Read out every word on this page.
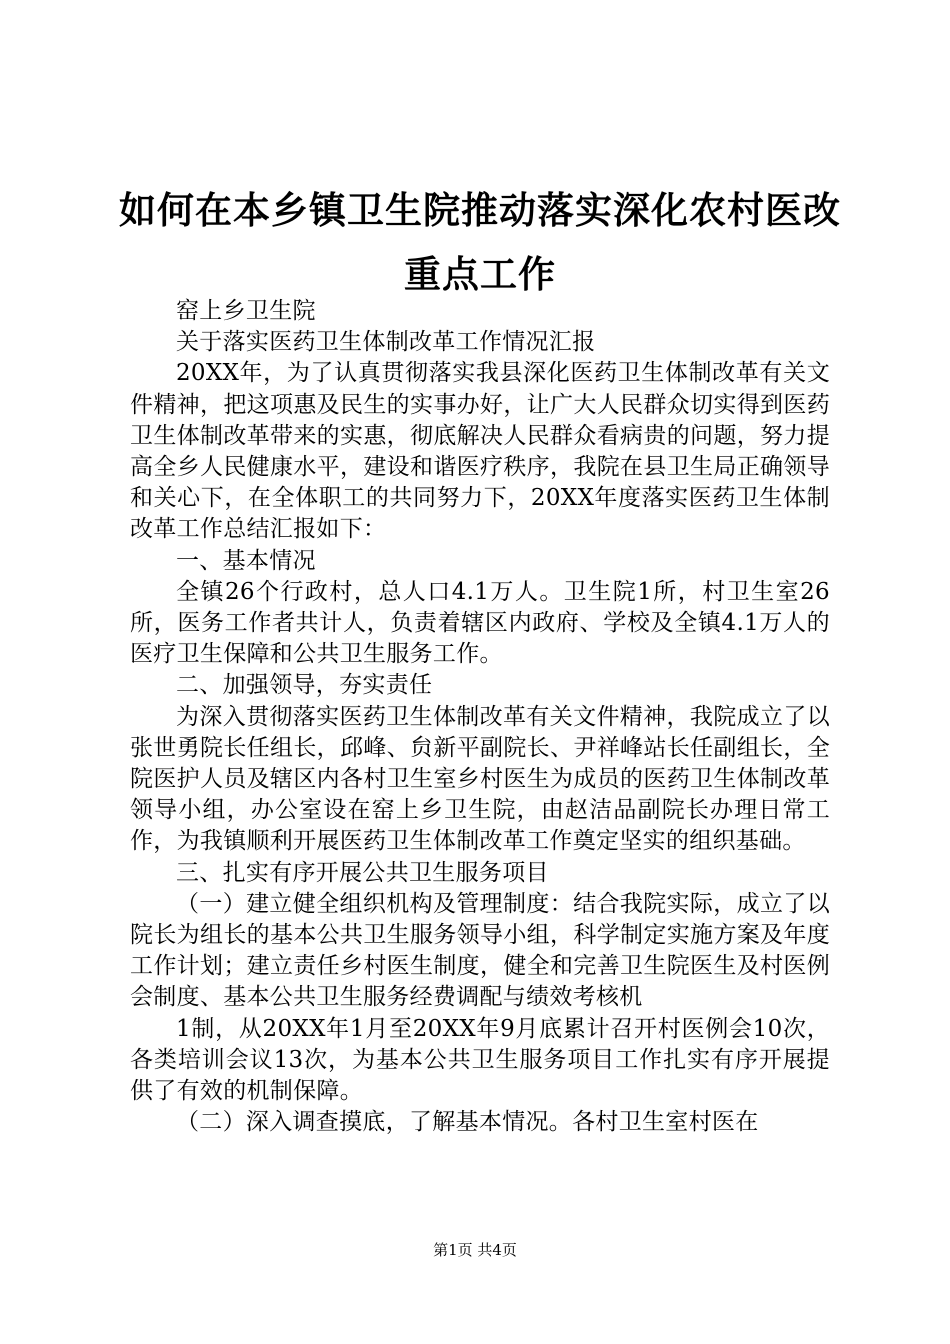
如何在本乡镇卫生院推动落实深化农村医改重点工作

窑上乡卫生院

关于落实医药卫生体制改革工作情况汇报

20XX年，为了认真贯彻落实我县深化医药卫生体制改革有关文件精神，把这项惠及民生的实事办好，让广大人民群众切实得到医药卫生体制改革带来的实惠，彻底解决人民群众看病贵的问题，努力提高全乡人民健康水平，建设和谐医疗秩序，我院在县卫生局正确领导和关心下，在全体职工的共同努力下，20XX年度落实医药卫生体制改革工作总结汇报如下：

一、基本情况

全镇26个行政村，总人口4.1万人。卫生院1所，村卫生室26所，医务工作者共计人，负责着辖区内政府、学校及全镇4.1万人的医疗卫生保障和公共卫生服务工作。

二、加强领导，夯实责任

为深入贯彻落实医药卫生体制改革有关文件精神，我院成立了以张世勇院长任组长，邱峰、贠新平副院长、尹祥峰站长任副组长，全院医护人员及辖区内各村卫生室乡村医生为成员的医药卫生体制改革领导小组，办公室设在窑上乡卫生院，由赵洁品副院长办理日常工作，为我镇顺利开展医药卫生体制改革工作奠定坚实的组织基础。

三、扎实有序开展公共卫生服务项目

（一）建立健全组织机构及管理制度：结合我院实际，成立了以院长为组长的基本公共卫生服务领导小组，科学制定实施方案及年度工作计划；建立责任乡村医生制度，健全和完善卫生院医生及村医例会制度、基本公共卫生服务经费调配与绩效考核机

1制，从20XX年1月至20XX年9月底累计召开村医例会10次，各类培训会议13次，为基本公共卫生服务项目工作扎实有序开展提供了有效的机制保障。

（二）深入调查摸底，了解基本情况。各村卫生室村医在

第1页 共4页
